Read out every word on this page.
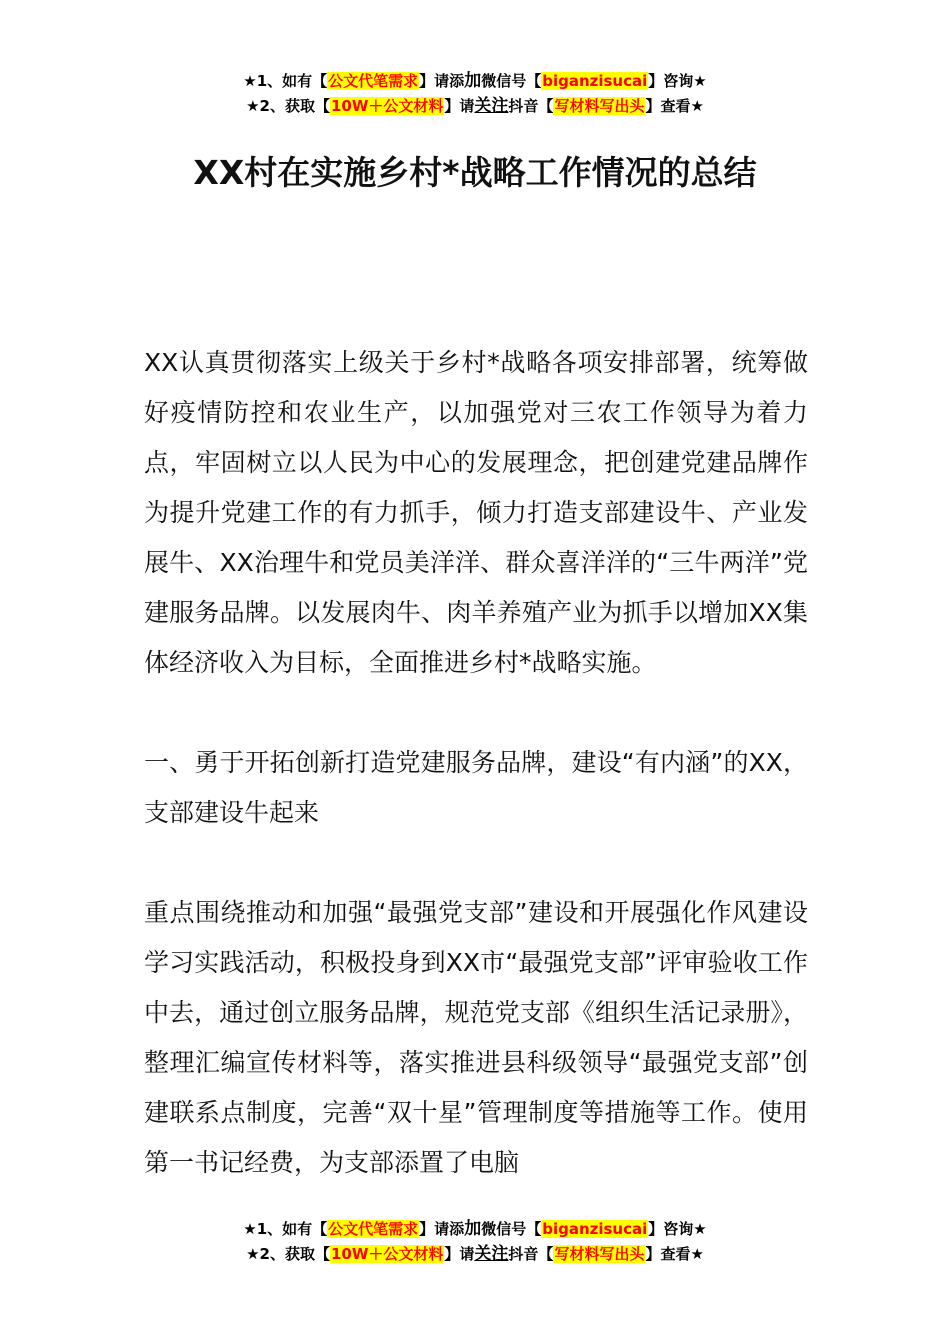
★1、如有【公文代笔需求】请添加微信号【biganzisucai】咨询★
★2、获取【10W＋公文材料】请关注抖音【写材料写出头】查看★
XX村在实施乡村*战略工作情况的总结

XX认真贯彻落实上级关于乡村*战略各项安排部署，统筹做好疫情防控和农业生产，以加强党对三农工作领导为着力点，牢固树立以人民为中心的发展理念，把创建党建品牌作为提升党建工作的有力抓手，倾力打造支部建设牛、产业发展牛、XX治理牛和党员美洋洋、群众喜洋洋的“三牛两洋”党建服务品牌。以发展肉牛、肉羊养殖产业为抓手以增加XX集体经济收入为目标，全面推进乡村*战略实施。

一、勇于开拓创新打造党建服务品牌，建设“有内涵”的XX，支部建设牛起来

重点围绕推动和加强“最强党支部”建设和开展强化作风建设学习实践活动，积极投身到XX市“最强党支部”评审验收工作中去，通过创立服务品牌，规范党支部《组织生活记录册》，整理汇编宣传材料等，落实推进县科级领导“最强党支部”创建联系点制度，完善“双十星”管理制度等措施等工作。使用第一书记经费，为支部添置了电脑

★1、如有【公文代笔需求】请添加微信号【biganzisucai】咨询★
★2、获取【10W＋公文材料】请关注抖音【写材料写出头】查看★
